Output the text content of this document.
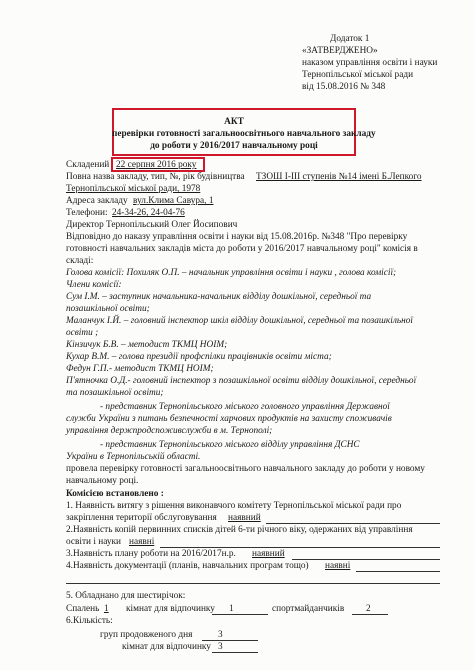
Додаток 1
«ЗАТВЕРДЖЕНО»
наказом управління освіти і науки
Тернопільської міської ради
від 15.08.2016 № 348
АКТ
перевірки готовності загальноосвітнього навчального закладу
до роботи у 2016/2017 навчальному році
Складений 22 серпня 2016 року
Повна назва закладу, тип, №, рік будівництва ТЗОШ І-ІІІ ступенів №14 імені Б.Лепкого
Тернопільської міської ради, 1978
Адреса закладу вул.Клима Савура, 1
Телефони: 24-34-26, 24-04-76
Директор Тернопільський Олег Йосипович
Відповідно до наказу управління освіти і науки від 15.08.2016р. №348 "Про перевірку
готовності навчальних закладів міста до роботи у 2016/2017 навчальному році" комісія в
складі:
Голова комісії: Похиляк О.П. – начальник управління освіти і науки , голова комісії;
Члени комісії:
Сум І.М. – заступник начальника-начальник відділу дошкільної, середньої та
позашкільної освіти;
Маланчук І.Й. – головний інспектор шкіл відділу дошкільної, середньої та позашкільної
освіти ;
Кінзичук Б.В. – методист ТКМЦ НОІМ;
Кухар В.М. – голова президії профспілки працівників освіти міста;
Федун Г.П.- методист ТКМЦ НОІМ;
П'ятночка О.Д.- головний інспектор з позашкільної освіти відділу дошкільної, середньої
та позашкільної освіти;
- представник Тернопільського міського головного управління Державної
служби України з питань безпечності харчових продуктів на захисту споживачів
управління держпродспоживслужби в м. Тернополі;
- представник Тернопільського міського відділу управління ДСНС
України в Тернопільській області.
провела перевірку готовності загальноосвітнього навчального закладу до роботи у новому
навчальному році.
Комісією встановлено :
1. Наявність витягу з рішення виконавчого комітету Тернопільської міської ради про
закріплення території обслуговування наявний
2.Наявність копій первинних списків дітей 6-ти річного віку, одержаних від управління
освіти і науки наявні
3.Наявність плану роботи на 2016/2017н.р. наявний
4.Наявність документації (планів, навчальних програм тощо) наявні
5. Обладнано для шестирічок:
Спалень 1 кімнат для відпочинку 1	спортмайданчиків 2
6.Кількість:
груп продовженого дня	3
кімнат для відпочинку 3
